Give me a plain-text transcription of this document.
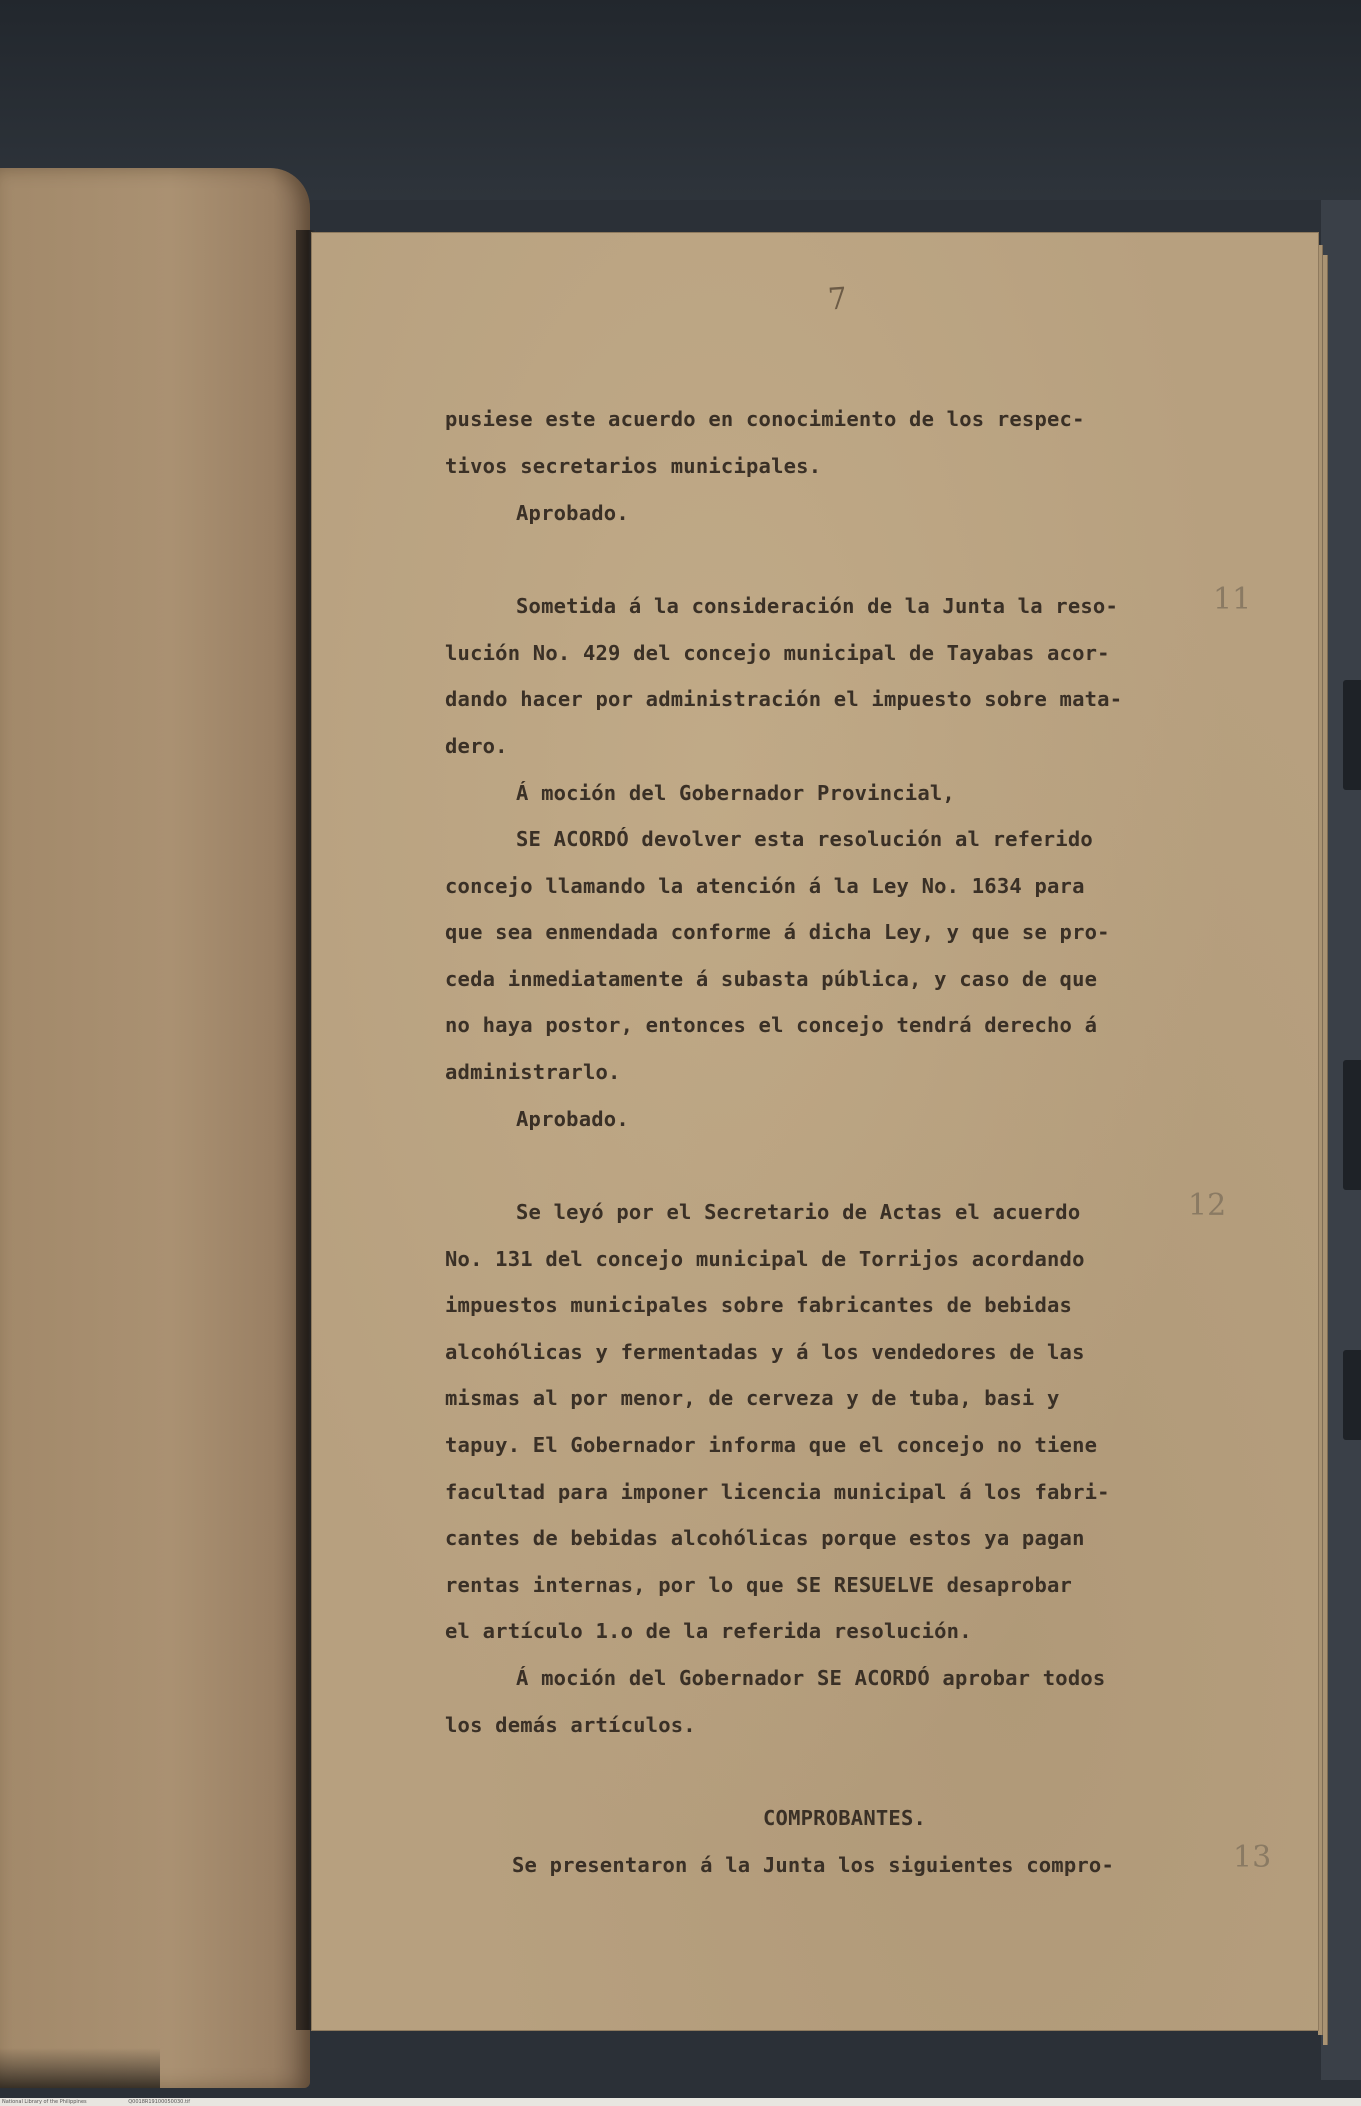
7
pusiese este acuerdo en conocimiento de los respec-
tivos secretarios municipales.
Aprobado.
Sometida á la consideración de la Junta la reso-
lución No. 429 del concejo municipal de Tayabas acor-
dando hacer por administración el impuesto sobre mata-
dero.
Á moción del Gobernador Provincial,
SE ACORDÓ devolver esta resolución al referido
concejo llamando la atención á la Ley No. 1634 para
que sea enmendada conforme á dicha Ley, y que se pro-
ceda inmediatamente á subasta pública, y caso de que
no haya postor, entonces el concejo tendrá derecho á
administrarlo.
Aprobado.
Se leyó por el Secretario de Actas el acuerdo
No. 131 del concejo municipal de Torrijos acordando
impuestos municipales sobre fabricantes de bebidas
alcohólicas y fermentadas y á los vendedores de las
mismas al por menor, de cerveza y de tuba, basi y
tapuy. El Gobernador informa que el concejo no tiene
facultad para imponer licencia municipal á los fabri-
cantes de bebidas alcohólicas porque estos ya pagan
rentas internas, por lo que SE RESUELVE desaprobar
el artículo 1.o de la referida resolución.
Á moción del Gobernador SE ACORDÓ aprobar todos
los demás artículos.
COMPROBANTES.
Se presentaron á la Junta los siguientes compro-
11
12
13
National Library of the Philippines	Q0018R19100050030.tif
